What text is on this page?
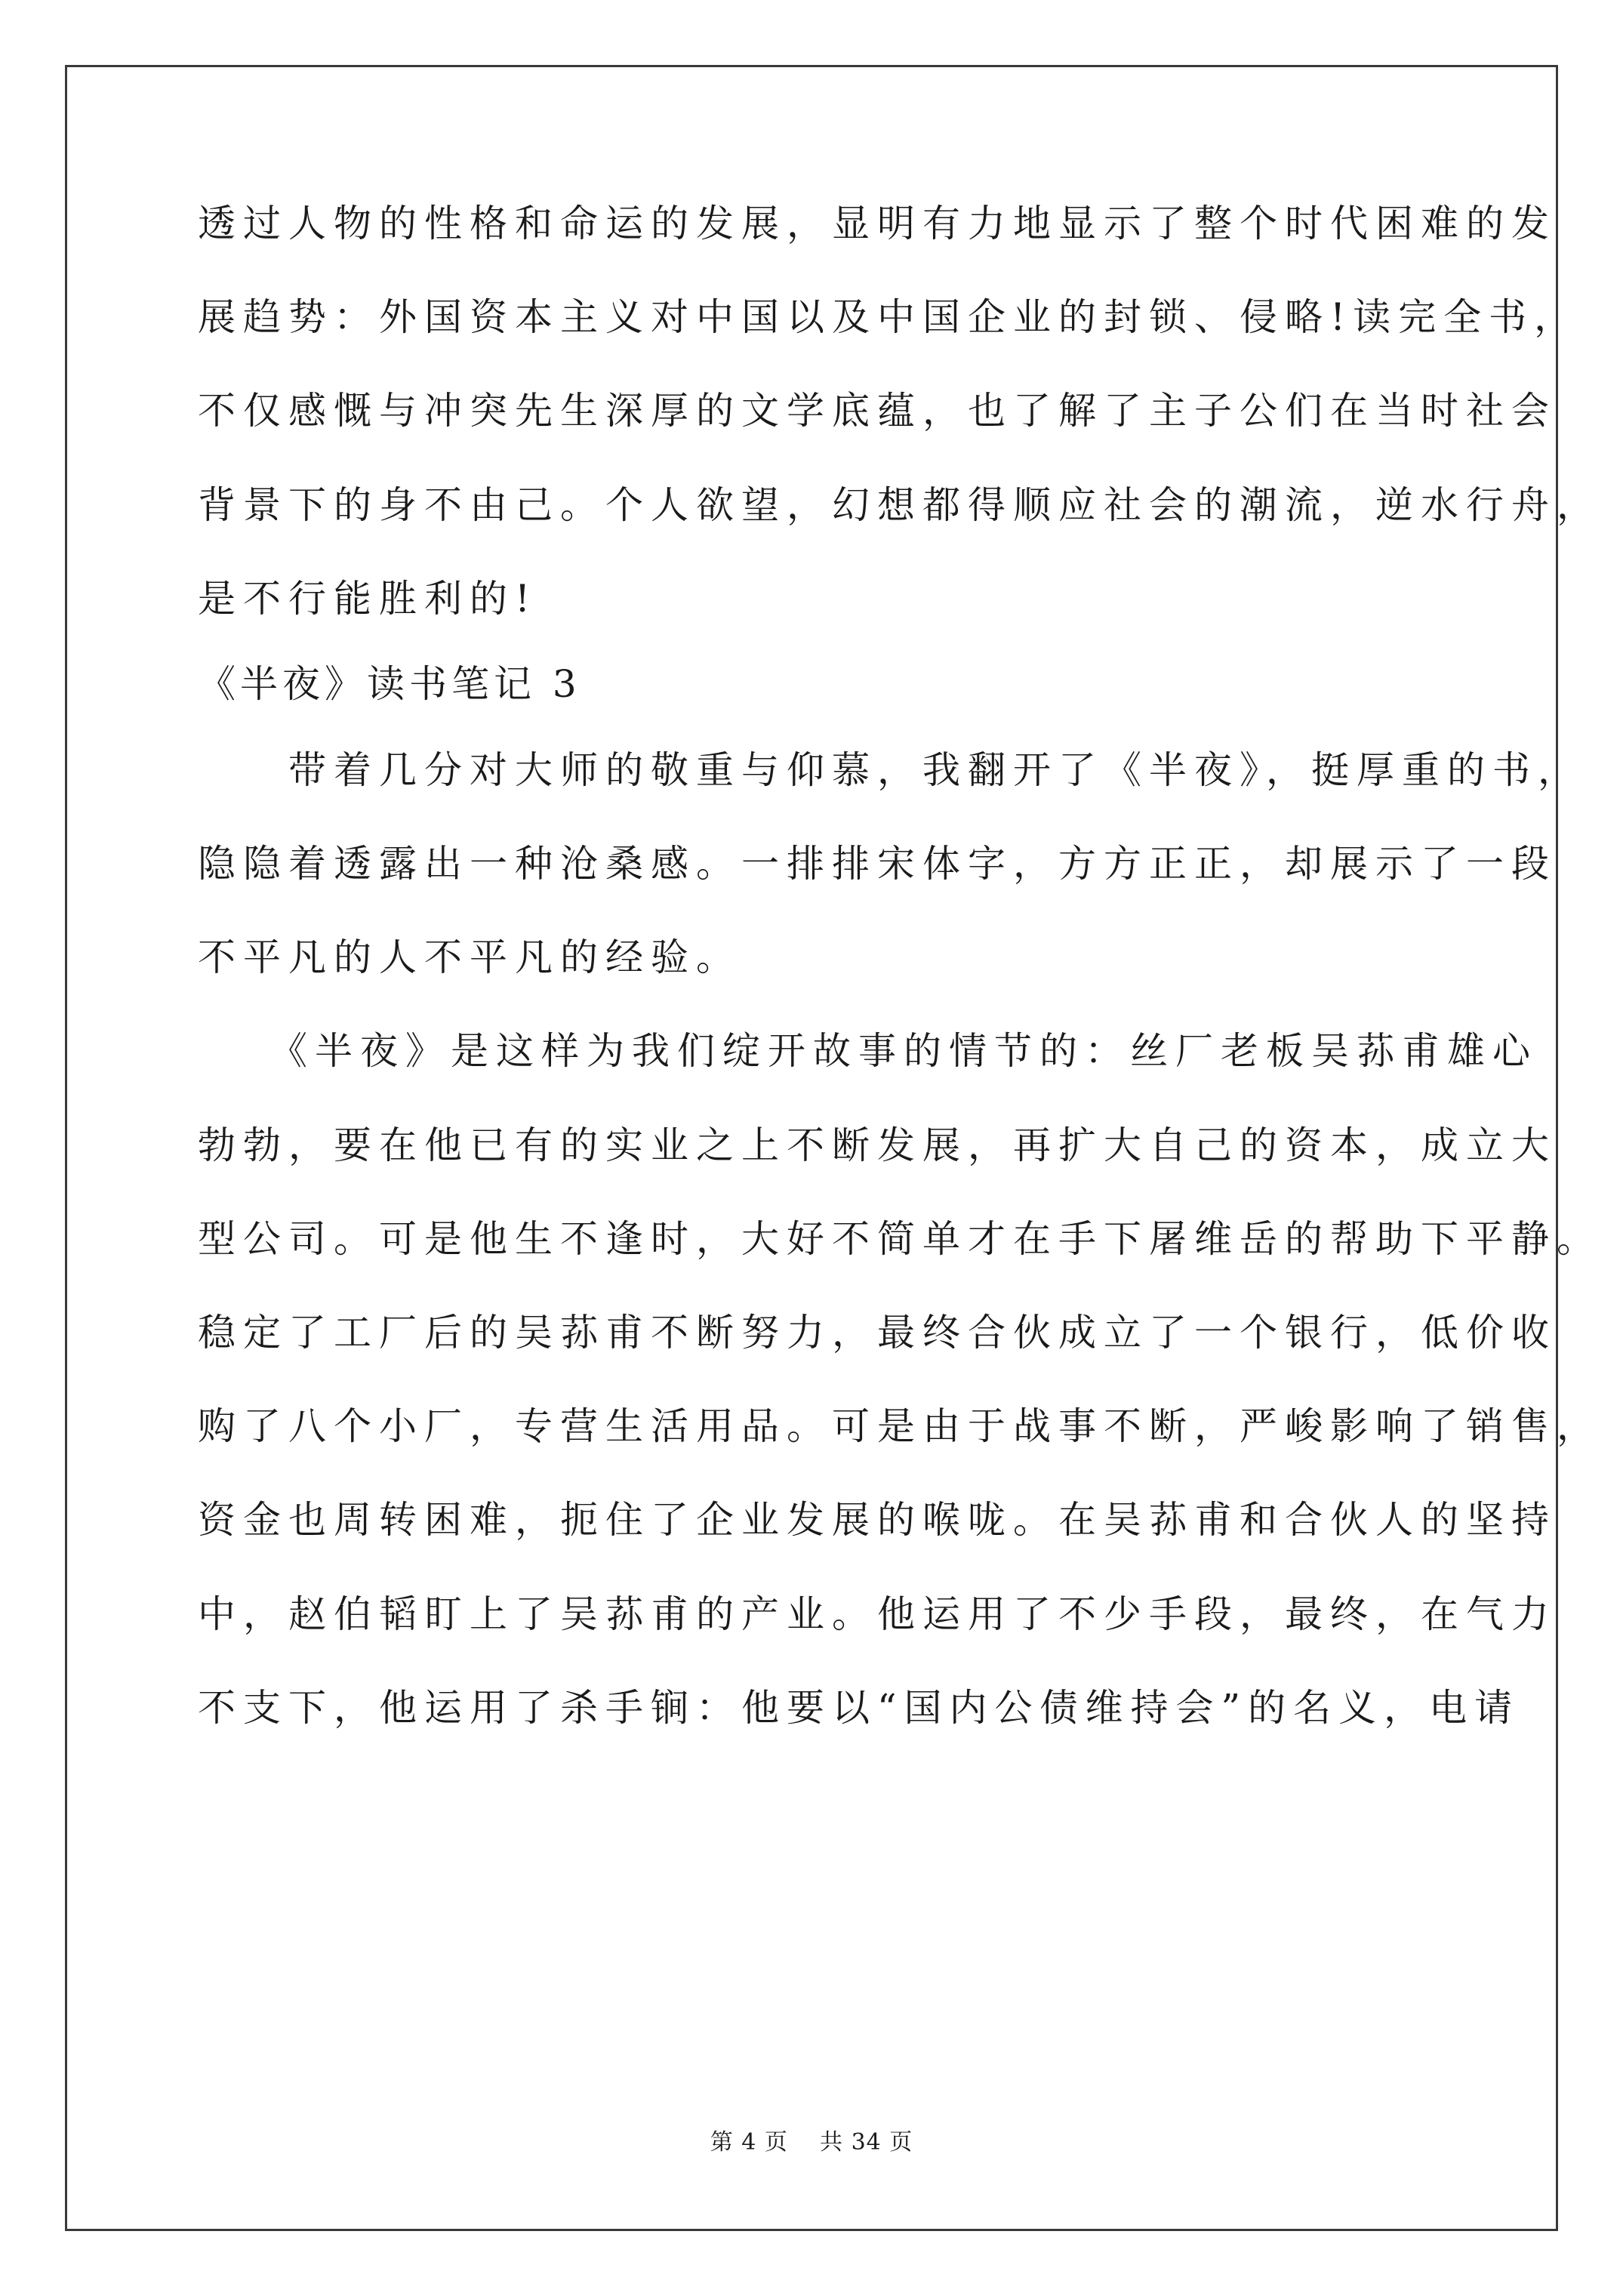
透过人物的性格和命运的发展，显明有力地显示了整个时代困难的发
展趋势：外国资本主义对中国以及中国企业的封锁、侵略!读完全书，
不仅感慨与冲突先生深厚的文学底蕴，也了解了主子公们在当时社会
背景下的身不由己。个人欲望，幻想都得顺应社会的潮流，逆水行舟，
是不行能胜利的!
《半夜》读书笔记 3
　　带着几分对大师的敬重与仰慕，我翻开了《半夜》，挺厚重的书，
隐隐着透露出一种沧桑感。一排排宋体字，方方正正，却展示了一段
不平凡的人不平凡的经验。
　　《半夜》是这样为我们绽开故事的情节的：丝厂老板吴荪甫雄心
勃勃，要在他已有的实业之上不断发展，再扩大自己的资本，成立大
型公司。可是他生不逢时，大好不简单才在手下屠维岳的帮助下平静。
稳定了工厂后的吴荪甫不断努力，最终合伙成立了一个银行，低价收
购了八个小厂，专营生活用品。可是由于战事不断，严峻影响了销售，
资金也周转困难，扼住了企业发展的喉咙。在吴荪甫和合伙人的坚持
中，赵伯韬盯上了吴荪甫的产业。他运用了不少手段，最终，在气力
不支下，他运用了杀手锏：他要以“国内公债维持会”的名义，电请
第 4 页 共 34 页
